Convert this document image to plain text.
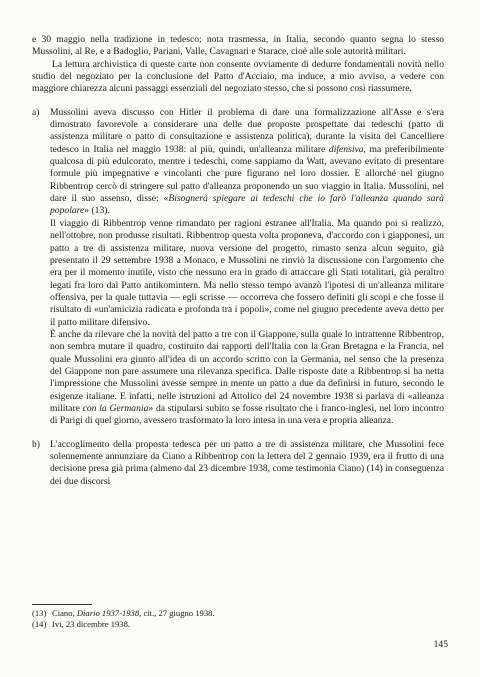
e 30 maggio nella tradizione in tedesco; nota trasmessa, in Italia, secondo quanto segna lo stesso Mussolini, al Re, e a Badoglio, Pariani, Valle, Cavagnari e Starace, cioè alle sole autorità militari.

La lettura archivistica di queste carte non consente ovviamente di dedurre fondamentali novità nello studio del negoziato per la conclusione del Patto d'Acciaio, ma induce, a mio avviso, a vedere con maggiore chiarezza alcuni passaggi essenziali del negoziato stesso, che si possono così riassumere.

a)	Mussolini aveva discusso con Hitler il problema di dare una formalizzazione all'Asse e s'era dimostrato favorevole a considerare una delle due proposte prospettate dai tedeschi (patto di assistenza militare o patto di consultazione e assistenza politica), durante la visita del Cancelliere tedesco in Italia nel maggio 1938: al più, quindi, un'alleanza militare difensiva, ma preferibilmente qualcosa di più edulcorato, mentre i tedeschi, come sappiamo da Watt, avevano evitato di presentare formule più impegnative e vincolanti che pure figurano nel loro dossier. E allorché nel giugno Ribbentrop cercò di stringere sul patto d'alleanza proponendo un suo viaggio in Italia. Mussolini, nel dare il suo assenso, disse: «Bisognerà spiegare ai tedeschi che io farò l'alleanza quando sarà popolare» (13).

Il viaggio di Ribbentrop venne rimandato per ragioni estranee all'Italia. Ma quando poi si realizzò, nell'ottobre, non produsse risultati. Ribbentrop questa volta proponeva, d'accordo con i giapponesi, un patto a tre di assistenza militare, nuova versione del progetto, rimasto senza alcun seguito, già presentato il 29 settembre 1938 a Monaco, e Mussolini ne rinviò la discussione con l'argomento che era per il momento inutile, visto che nessuno era in grado di attaccare gli Stati totalitari, già peraltro legati fra loro dal Patto antikomintern. Ma nello stesso tempo avanzò l'ipotesi di un'alleanza militare offensiva, per la quale tuttavia — egli scrisse — occorreva che fossero definiti gli scopi e che fosse il risultato di «un'amicizia radicata e profonda tra i popoli», come nel giugno precedente aveva detto per il patto militare difensivo.

È anche da rilevare che la novità del patto a tre con il Giappone, sulla quale lo intrattenne Ribbentrop, non sembra mutare il quadro, costituito dai rapporti dell'Italia con la Gran Bretagna e la Francia, nel quale Mussolini era giunto all'idea di un accordo scritto con la Germania, nel senso che la presenza del Giappone non pare assumere una rilevanza specifica. Dalle risposte date a Ribbentrop si ha netta l'impressione che Mussolini avesse sempre in mente un patto a due da definirsi in futuro, secondo le esigenze italiane. E infatti, nelle istruzioni ad Attolico del 24 novembre 1938 si parlava di «alleanza militare con la Germania» da stipularsi subito se fosse risultato che i franco-inglesi, nel loro incontro di Parigi di quel giorno, avessero trasformato la loro intesa in una vera e propria alleanza.

b)	L'accoglimento della proposta tedesca per un patto a tre di assistenza militare, che Mussolini fece solennemente annunziare da Ciano a Ribbentrop con la lettera del 2 gennaio 1939, era il frutto di una decisione presa già prima (almeno dal 23 dicembre 1938, come testimonia Ciano) (14) in conseguenza dei due discorsi

(13) Ciano, Diario 1937-1938, cit., 27 giugno 1938.
(14) Ivi, 23 dicembre 1938.
145
